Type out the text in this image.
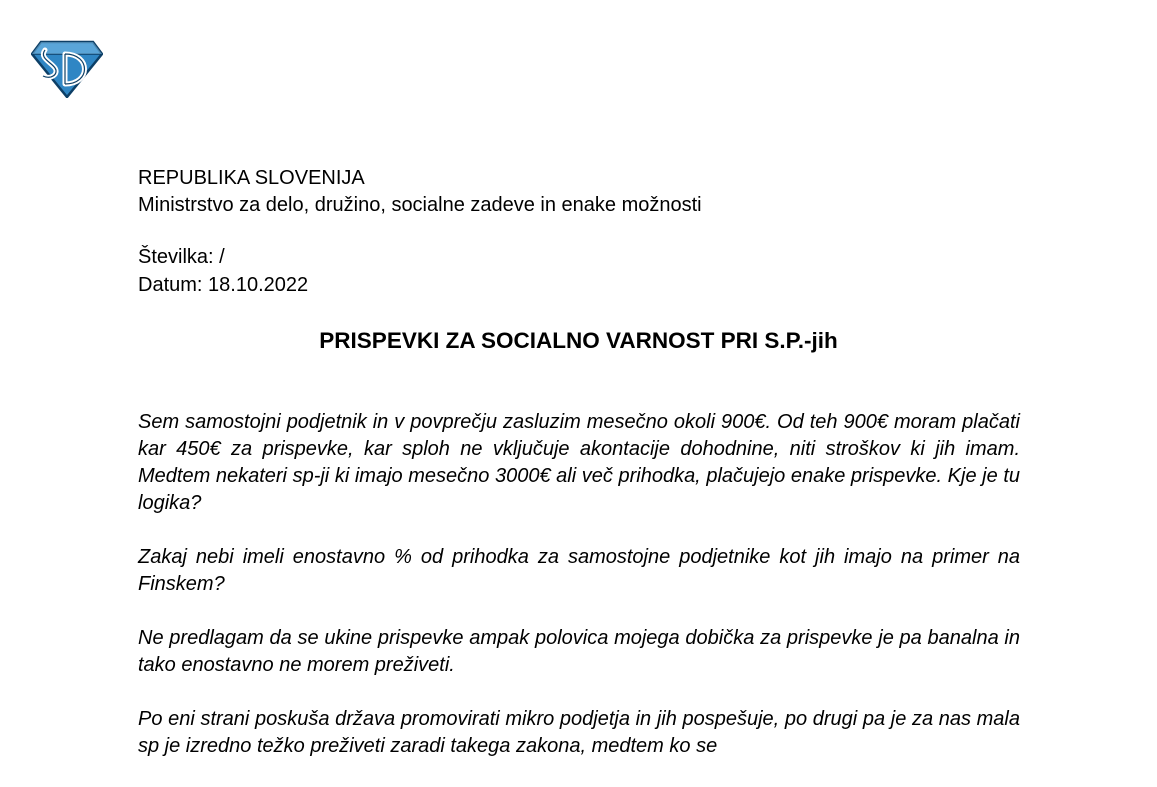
REPUBLIKA SLOVENIJA
Ministrstvo za delo, družino, socialne zadeve in enake možnosti
Številka: /
Datum: 18.10.2022
PRISPEVKI ZA SOCIALNO VARNOST PRI S.P.-jih

Sem samostojni podjetnik in v povprečju zasluzim mesečno okoli 900€. Od teh 900€ moram plačati kar 450€ za prispevke, kar sploh ne vključuje akontacije dohodnine, niti stroškov ki jih imam. Medtem nekateri sp-ji ki imajo mesečno 3000€ ali več prihodka, plačujejo enake prispevke. Kje je tu logika?

Zakaj nebi imeli enostavno % od prihodka za samostojne podjetnike kot jih imajo na primer na Finskem?

Ne predlagam da se ukine prispevke ampak polovica mojega dobička za prispevke je pa banalna in tako enostavno ne morem preživeti.

Po eni strani poskuša država promovirati mikro podjetja in jih pospešuje, po drugi pa je za nas mala sp je izredno težko preživeti zaradi takega zakona, medtem ko se
